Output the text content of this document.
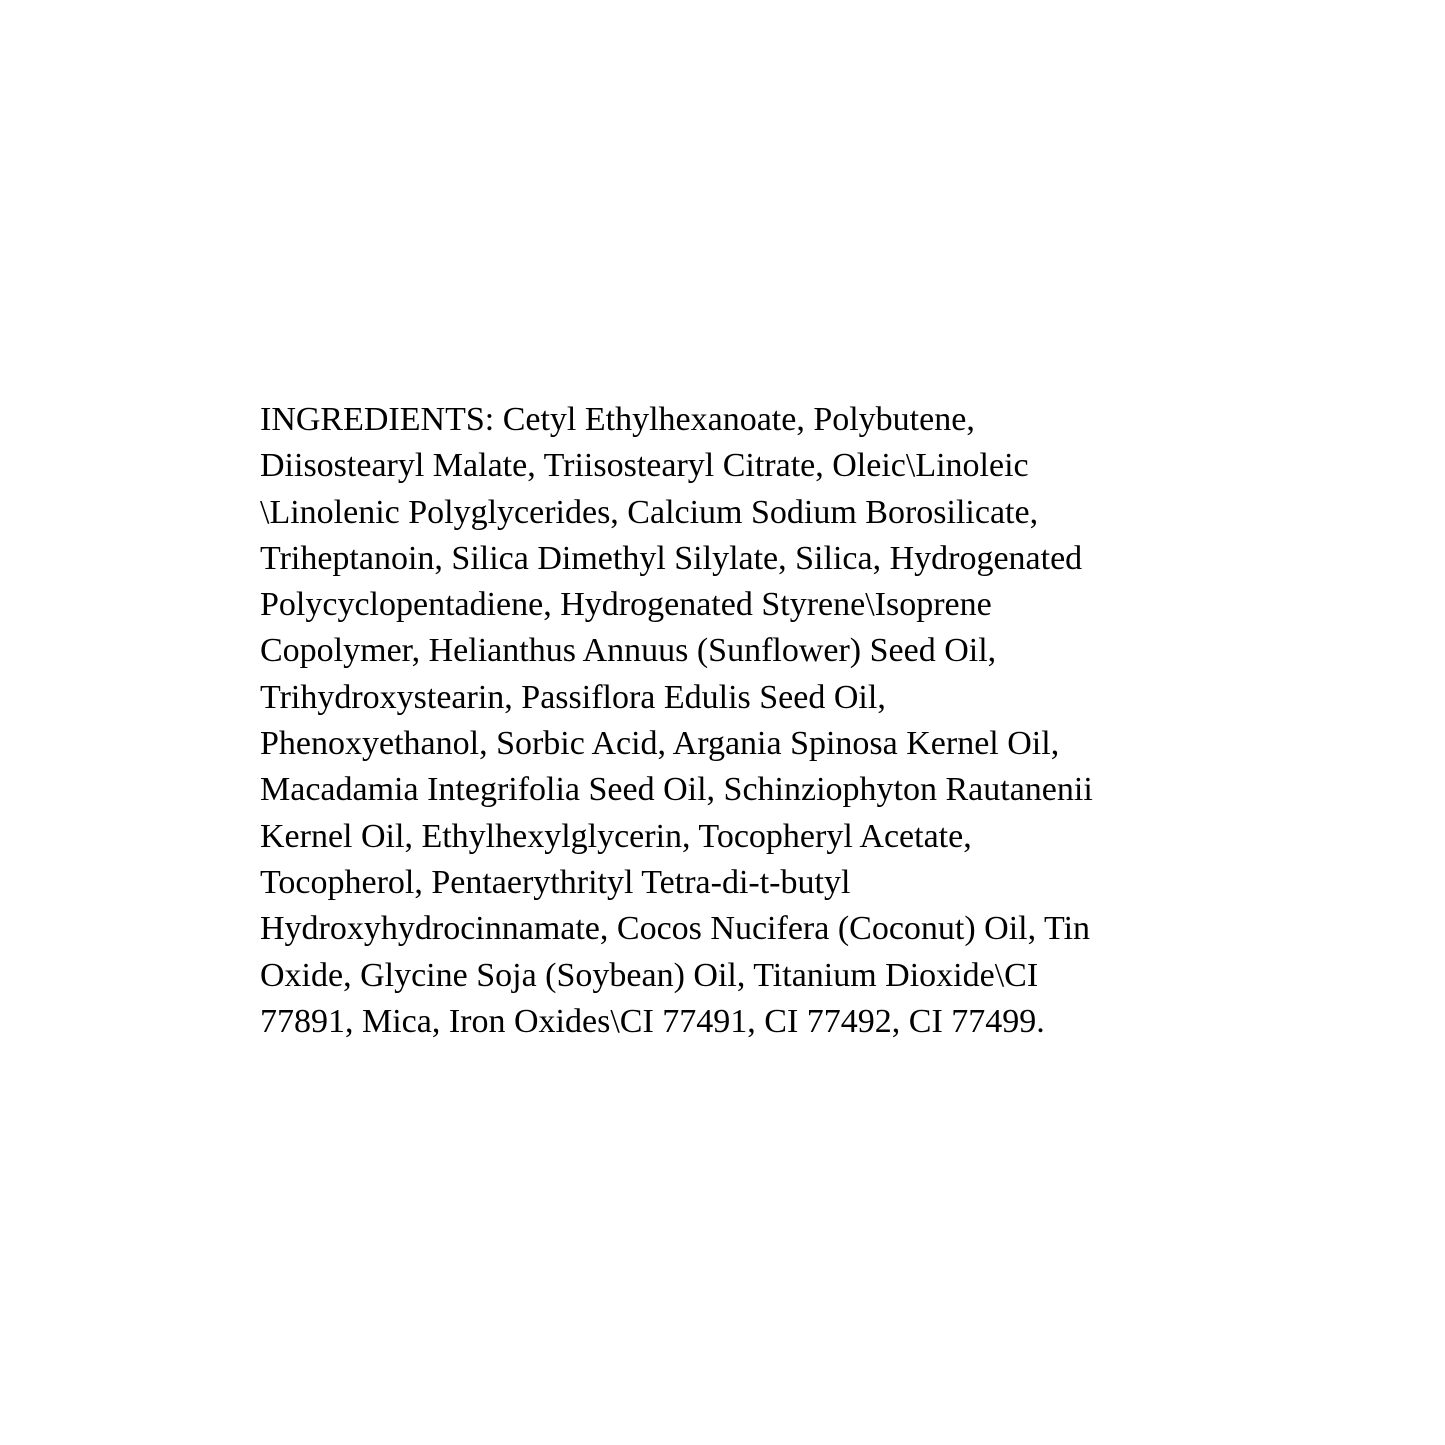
INGREDIENTS: Cetyl Ethylhexanoate, Polybutene,
Diisostearyl Malate, Triisostearyl Citrate, Oleic\Linoleic
\Linolenic Polyglycerides, Calcium Sodium Borosilicate,
Triheptanoin, Silica Dimethyl Silylate, Silica, Hydrogenated
Polycyclopentadiene, Hydrogenated Styrene\Isoprene
Copolymer, Helianthus Annuus (Sunflower) Seed Oil,
Trihydroxystearin, Passiflora Edulis Seed Oil,
Phenoxyethanol, Sorbic Acid, Argania Spinosa Kernel Oil,
Macadamia Integrifolia Seed Oil, Schinziophyton Rautanenii
Kernel Oil, Ethylhexylglycerin, Tocopheryl Acetate,
Tocopherol, Pentaerythrityl Tetra-di-t-butyl
Hydroxyhydrocinnamate, Cocos Nucifera (Coconut) Oil, Tin
Oxide, Glycine Soja (Soybean) Oil, Titanium Dioxide\CI
77891, Mica, Iron Oxides\CI 77491, CI 77492, CI 77499.
